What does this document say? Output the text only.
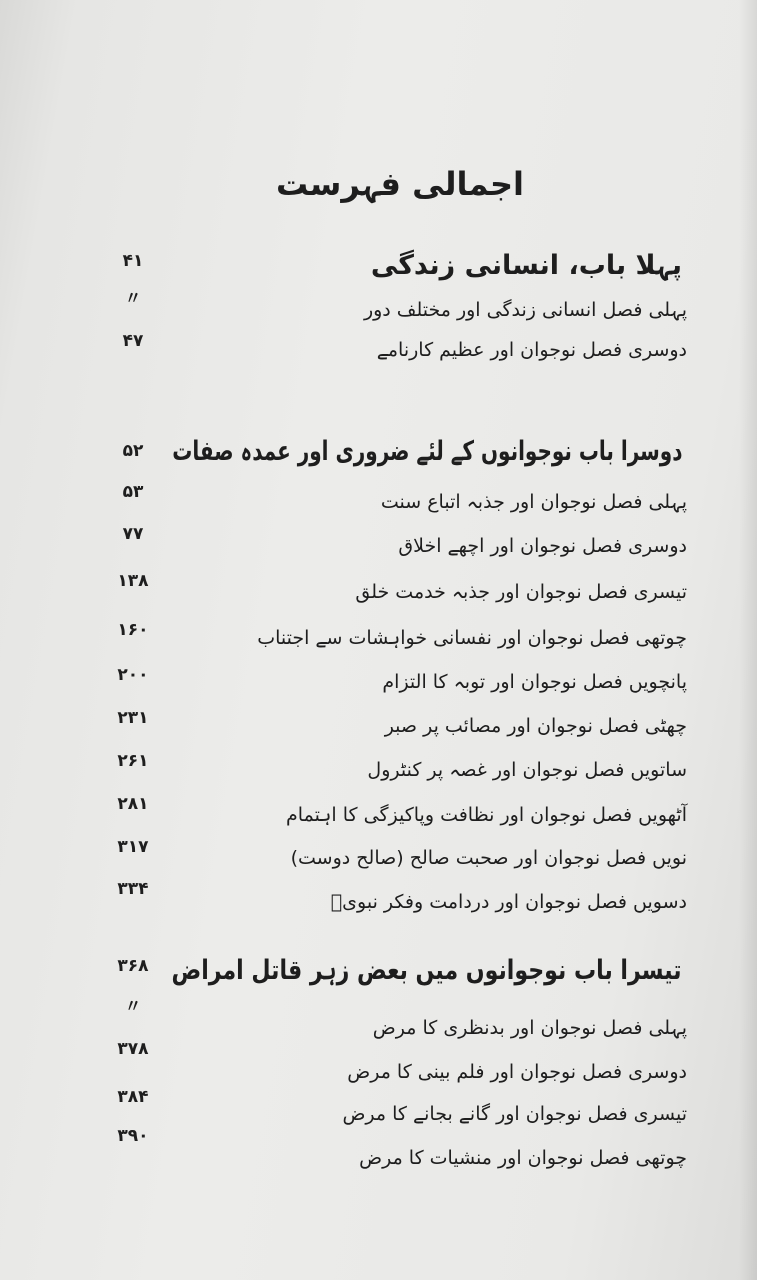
اجمالی فہرست
پہلا باب، انسانی زندگی
۴۱
پہلی فصل انسانی زندگی اور مختلف دور
〃
دوسری فصل نوجوان اور عظیم کارنامے
۴۷
دوسرا باب نوجوانوں کے لئے ضروری اور عمدہ صفات
۵۲
پہلی فصل نوجوان اور جذبہ اتباع سنت
۵۳
دوسری فصل نوجوان اور اچھے اخلاق
۷۷
تیسری فصل نوجوان اور جذبہ خدمت خلق
۱۳۸
چوتھی فصل نوجوان اور نفسانی خواہشات سے اجتناب
۱۶۰
پانچویں فصل نوجوان اور توبہ کا التزام
۲۰۰
چھٹی فصل نوجوان اور مصائب پر صبر
۲۳۱
ساتویں فصل نوجوان اور غصہ پر کنٹرول
۲۶۱
آٹھویں فصل نوجوان اور نظافت وپاکیزگی کا اہتمام
۲۸۱
نویں فصل نوجوان اور صحبت صالح (صالح دوست)
۳۱۷
دسویں فصل نوجوان اور دردامت وفکر نبویؐ
۳۳۴
تیسرا باب نوجوانوں میں بعض زہر قاتل امراض
۳۶۸
پہلی فصل نوجوان اور بدنظری کا مرض
〃
دوسری فصل نوجوان اور فلم بینی کا مرض
۳۷۸
تیسری فصل نوجوان اور گانے بجانے کا مرض
۳۸۴
چوتھی فصل نوجوان اور منشیات کا مرض
۳۹۰
